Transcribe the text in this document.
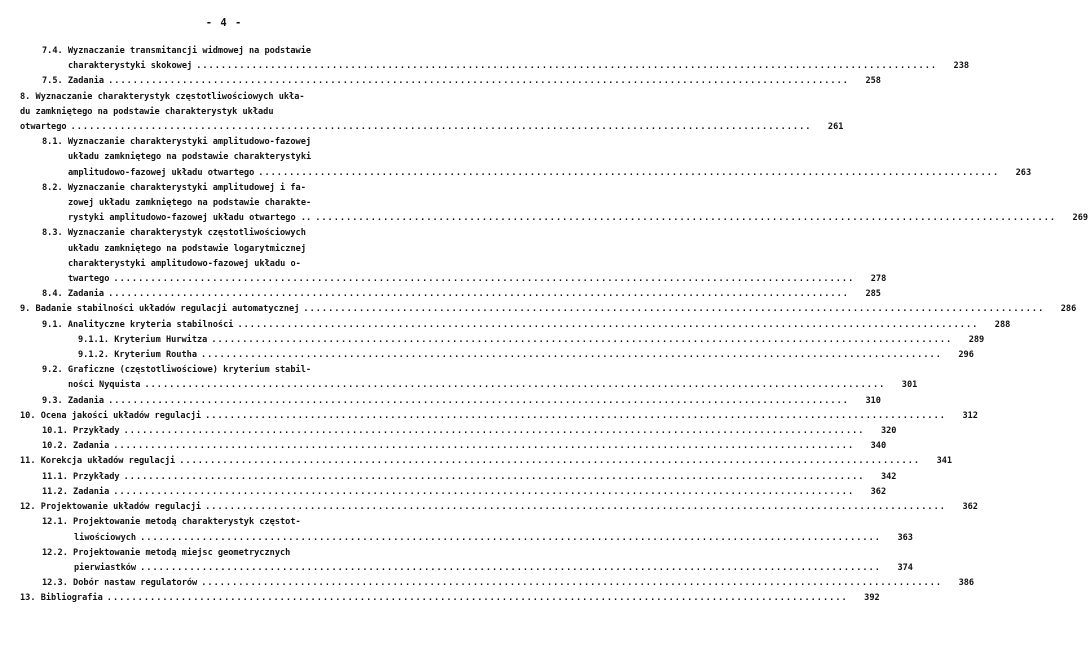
- 4 -
7.4. Wyznaczanie transmitancji widmowej na podstawie
charakterystyki skokowej ........................................................................................................................	238
7.5. Zadania ........................................................................................................................	258
8. Wyznaczanie charakterystyk częstotliwościowych ukła-
du zamkniętego na podstawie charakterystyk układu
otwartego ........................................................................................................................	261
8.1. Wyznaczanie charakterystyki amplitudowo-fazowej
układu zamkniętego na podstawie charakterystyki
amplitudowo-fazowej układu otwartego ........................................................................................................................	263
8.2. Wyznaczanie charakterystyki amplitudowej i fa-
zowej układu zamkniętego na podstawie charakte-
rystyki amplitudowo-fazowej układu otwartego .. ........................................................................................................................	269
8.3. Wyznaczanie charakterystyk częstotliwościowych
układu zamkniętego na podstawie logarytmicznej
charakterystyki amplitudowo-fazowej układu o-
twartego ........................................................................................................................	278
8.4. Zadania ........................................................................................................................	285
9. Badanie stabilności układów regulacji automatycznej ........................................................................................................................	286
9.1. Analityczne kryteria stabilności ........................................................................................................................	288
9.1.1. Kryterium Hurwitza ........................................................................................................................	289
9.1.2. Kryterium Routha ........................................................................................................................	296
9.2. Graficzne (częstotliwościowe) kryterium stabil-
ności Nyquista ........................................................................................................................	301
9.3. Zadania ........................................................................................................................	310
10. Ocena jakości układów regulacji ........................................................................................................................	312
10.1. Przykłady ........................................................................................................................	320
10.2. Zadania ........................................................................................................................	340
11. Korekcja układów regulacji ........................................................................................................................	341
11.1. Przykłady ........................................................................................................................	342
11.2. Zadania ........................................................................................................................	362
12. Projektowanie układów regulacji ........................................................................................................................	362
12.1. Projektowanie metodą charakterystyk częstot-
liwościowych ........................................................................................................................	363
12.2. Projektowanie metodą miejsc geometrycznych
pierwiastków ........................................................................................................................	374
12.3. Dobór nastaw regulatorów ........................................................................................................................	386
13. Bibliografia ........................................................................................................................	392
